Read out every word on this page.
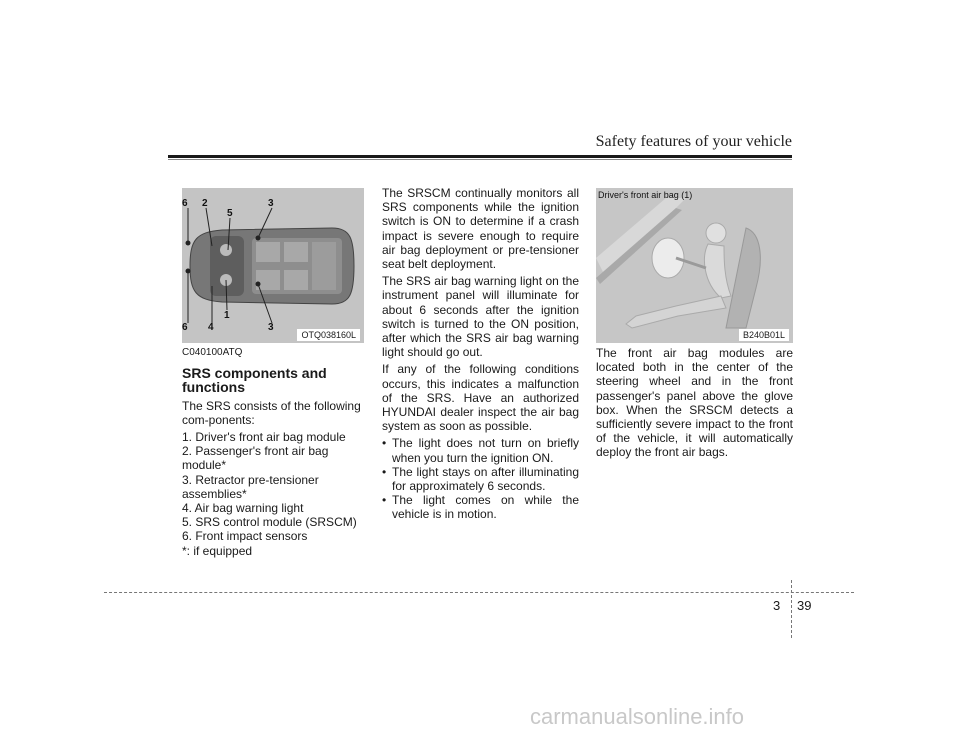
Safety features of your vehicle
6 2
5
3
6 4
1
3
OTQ038160L

C040100ATQ

SRS components and functions

The SRS consists of the following com-ponents:

1. Driver's front air bag module
2. Passenger's front air bag module*
3. Retractor pre-tensioner assemblies*
4. Air bag warning light
5. SRS control module (SRSCM)
6. Front impact sensors
*: if equipped

The SRSCM continually monitors all SRS components while the ignition switch is ON to determine if a crash impact is severe enough to require air bag deployment or pre-tensioner seat belt deployment.

The SRS air bag warning light on the instrument panel will illuminate for about 6 seconds after the ignition switch is turned to the ON position, after which the SRS air bag warning light should go out.

If any of the following conditions occurs, this indicates a malfunction of the SRS. Have an authorized HYUNDAI dealer inspect the air bag system as soon as possible.

• The light does not turn on briefly when you turn the ignition ON.
• The light stays on after illuminating for approximately 6 seconds.
• The light comes on while the vehicle is in motion.
Driver's front air bag (1)
B240B01L

The front air bag modules are located both in the center of the steering wheel and in the front passenger's panel above the glove box. When the SRSCM detects a sufficiently severe impact to the front of the vehicle, it will automatically deploy the front air bags.

3 39
carmanualsonline.info
